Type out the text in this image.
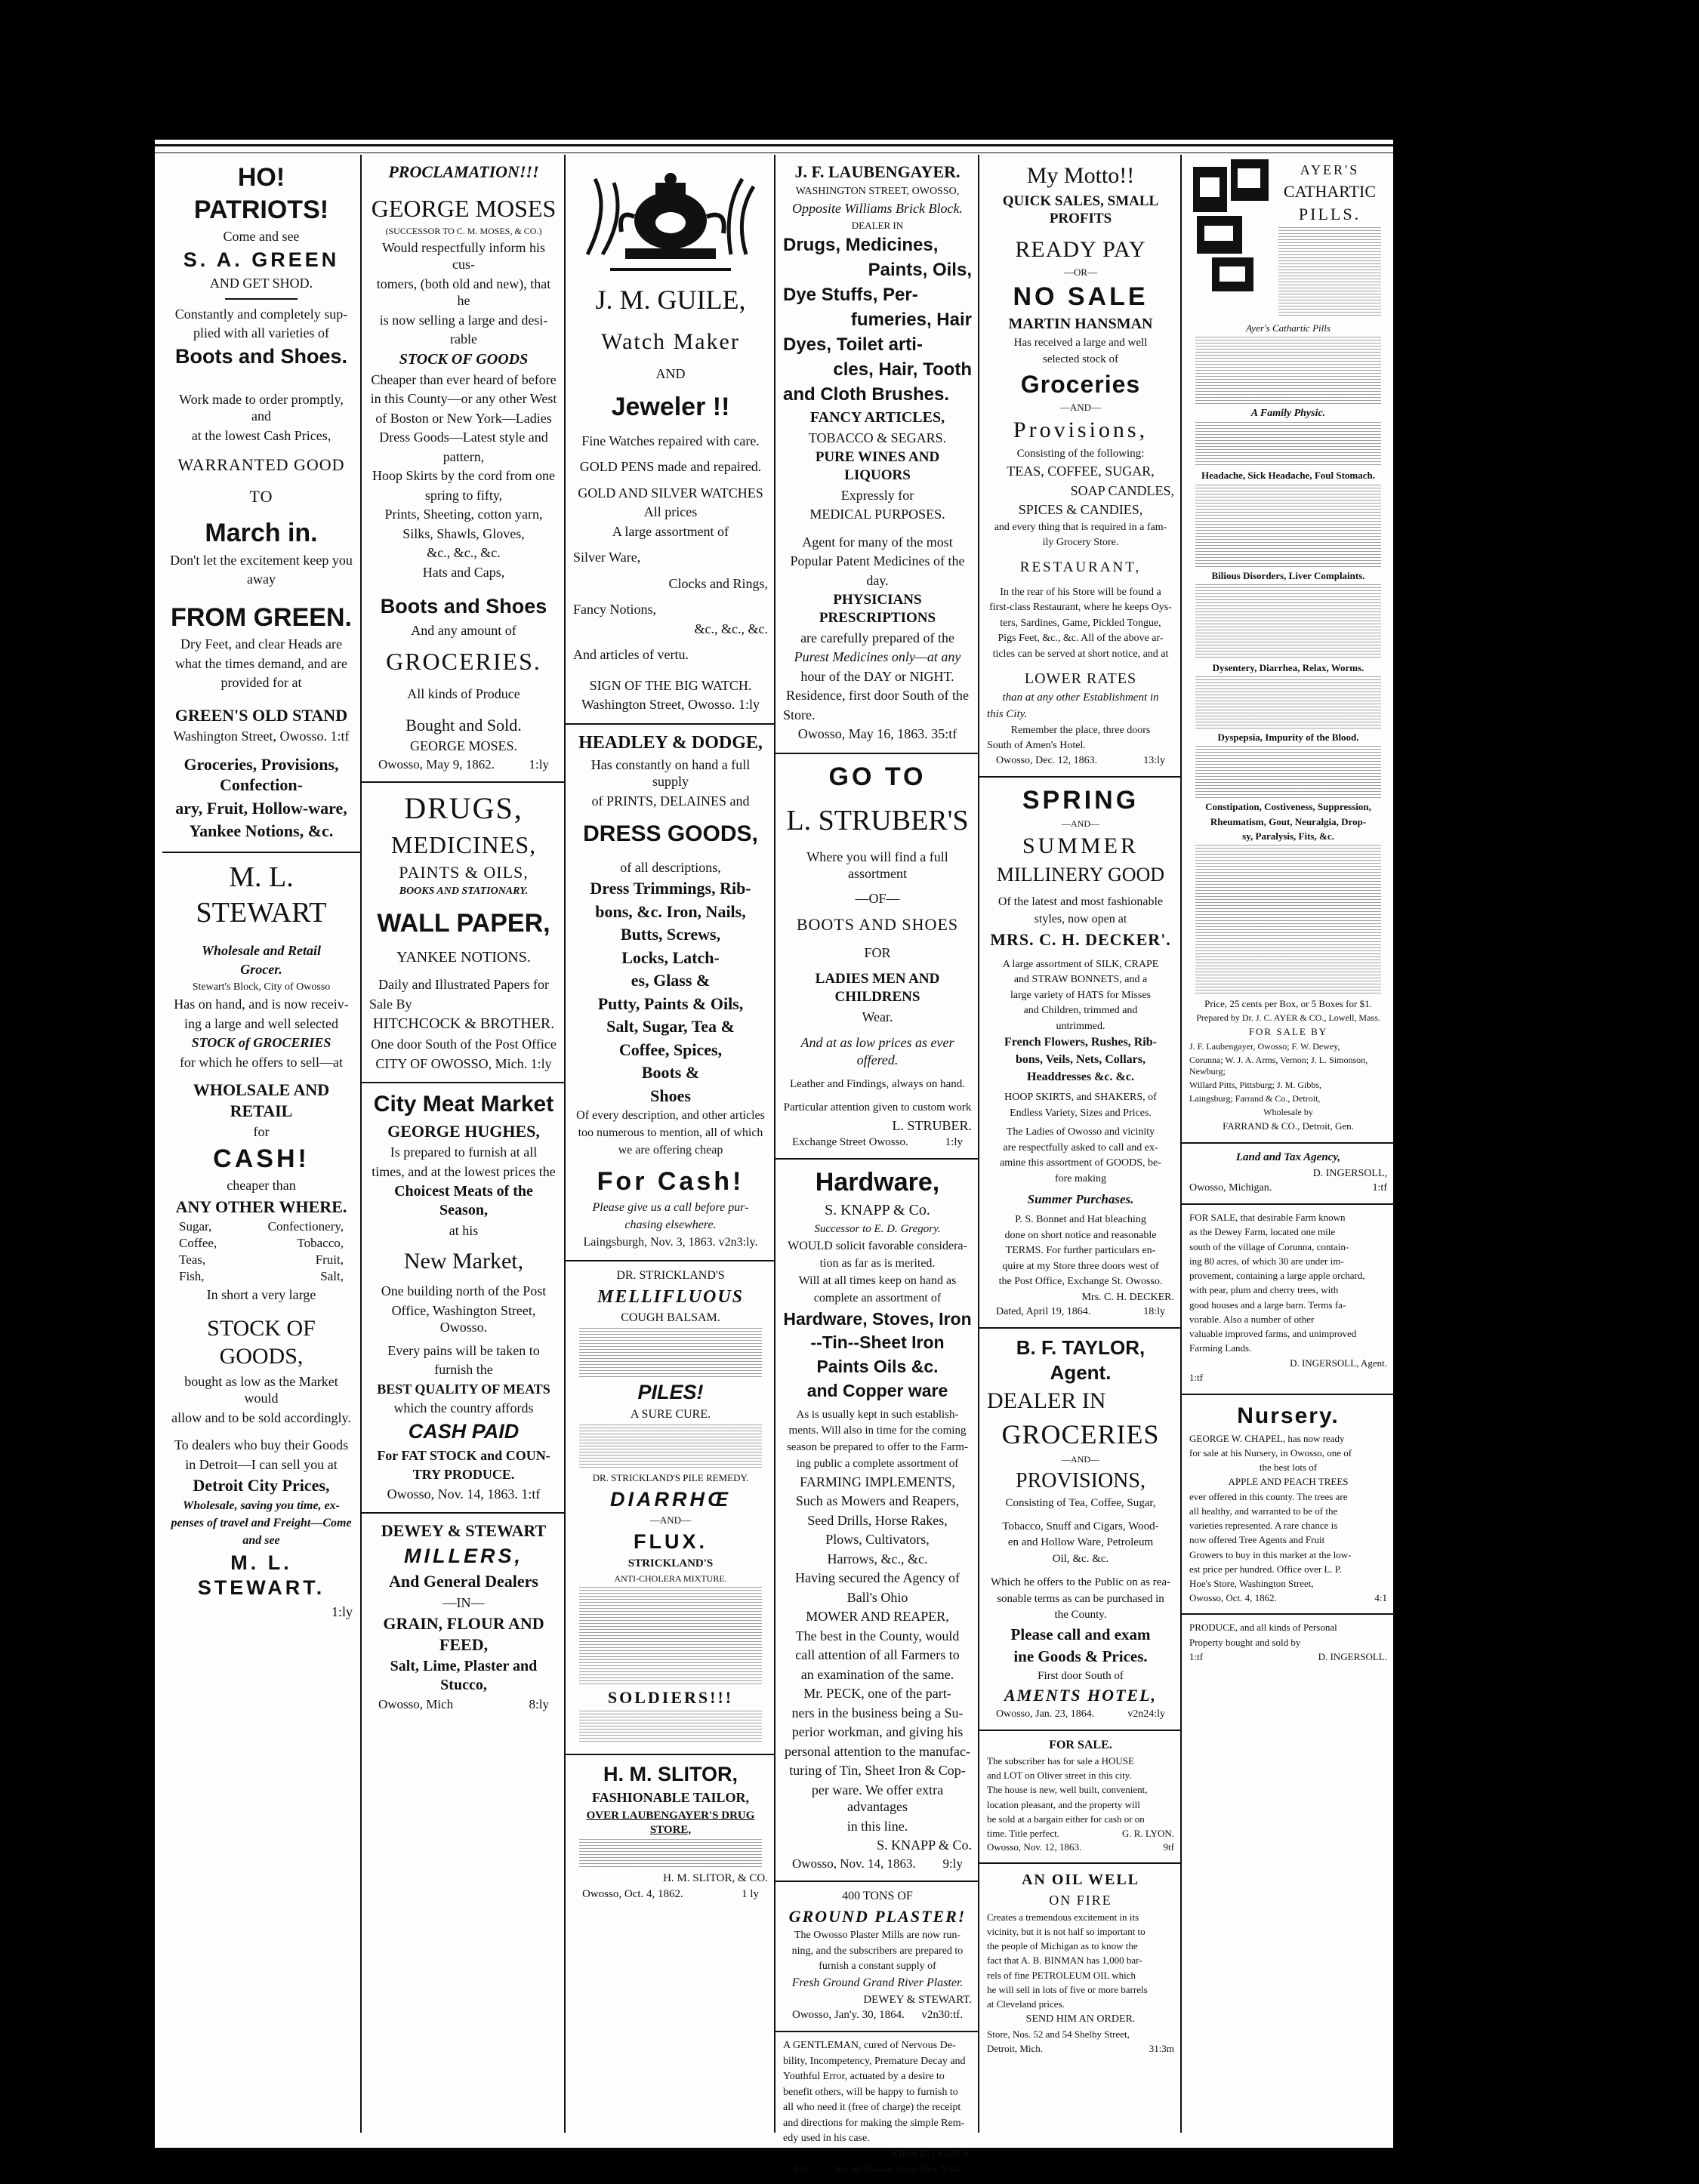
HO! PATRIOTS!
Come and see
S. A. GREEN
AND GET SHOD.
Constantly and completely sup-
plied with all varieties of
Boots and Shoes.
Work made to order promptly, and
at the lowest Cash Prices,
WARRANTED GOOD
TO
March in.
Don't let the excitement keep you
away
FROM GREEN.
Dry Feet, and clear Heads are
what the times demand, and are
provided for at
GREEN'S OLD STAND
Washington Street, Owosso. 1:tf
Groceries, Provisions, Confection-
ary, Fruit, Hollow-ware,
Yankee Notions, &c.
M. L. STEWART
Wholesale and Retail
Grocer.
Stewart's Block, City of Owosso
Has on hand, and is now receiv-
ing a large and well selected
STOCK of GROCERIES
for which he offers to sell—at
WHOLSALE AND RETAIL
for
CASH!
cheaper than
ANY OTHER WHERE.
Sugar,	Confectionery,
Coffee,	Tobacco,
Teas,	Fruit,
Fish,	Salt,
In short a very large
STOCK OF GOODS,
bought as low as the Market would
allow and to be sold accordingly.
To dealers who buy their Goods
in Detroit—I can sell you at
Detroit City Prices,
Wholesale, saving you time, ex-
penses of travel and Freight—Come
and see
M. L. STEWART.
1:ly
PROCLAMATION!!!
GEORGE MOSES
(SUCCESSOR TO C. M. MOSES, & CO.)
Would respectfully inform his cus-
tomers, (both old and new), that he
is now selling a large and desi-
rable
STOCK OF GOODS
Cheaper than ever heard of before
in this County—or any other West
of Boston or New York—Ladies
Dress Goods—Latest style and
pattern,
Hoop Skirts by the cord from one
spring to fifty,
Prints, Sheeting, cotton yarn,
Silks, Shawls, Gloves,
&c., &c., &c.
Hats and Caps,
Boots and Shoes
And any amount of
GROCERIES.
All kinds of Produce
Bought and Sold.
GEORGE MOSES.
Owosso, May 9, 1862.	1:ly
DRUGS,
MEDICINES,
PAINTS & OILS,
BOOKS AND STATIONARY.
WALL PAPER,
YANKEE NOTIONS.
Daily and Illustrated Papers for
Sale By
HITCHCOCK & BROTHER.
One door South of the Post Office
CITY OF OWOSSO, Mich. 1:ly
City Meat Market
GEORGE HUGHES,
Is prepared to furnish at all
times, and at the lowest prices the
Choicest Meats of the Season,
at his
New Market,
One building north of the Post
Office, Washington Street, Owosso.
Every pains will be taken to
furnish the
BEST QUALITY OF MEATS
which the country affords
CASH PAID
For FAT STOCK and COUN-
TRY PRODUCE.
Owosso, Nov. 14, 1863. 1:tf
DEWEY & STEWART
MILLERS,
And General Dealers
—IN—
GRAIN, FLOUR AND FEED,
Salt, Lime, Plaster and Stucco,
Owosso, Mich	8:ly
J. M. GUILE,
Watch Maker
AND
Jeweler !!
Fine Watches repaired with care.
GOLD PENS made and repaired.
GOLD AND SILVER WATCHES
All prices
A large assortment of
Silver Ware,
Clocks and Rings,
Fancy Notions,
&c., &c., &c.
And articles of vertu.
SIGN OF THE BIG WATCH.
Washington Street, Owosso. 1:ly
HEADLEY & DODGE,
Has constantly on hand a full supply
of PRINTS, DELAINES and
DRESS GOODS,
of all descriptions,
Dress Trimmings, Rib-
bons, &c. Iron, Nails,
Butts, Screws,
Locks, Latch-
es, Glass &
Putty, Paints & Oils,
Salt, Sugar, Tea &
Coffee, Spices,
Boots &
Shoes
Of every description, and other articles
too numerous to mention, all of which
we are offering cheap
For Cash!
Please give us a call before pur-
chasing elsewhere.
Laingsburgh, Nov. 3, 1863. v2n3:ly.
DR. STRICKLAND'S
MELLIFLUOUS
COUGH BALSAM.
PILES!
A SURE CURE.
DR. STRICKLAND'S PILE REMEDY.
DIARRHŒ
—AND—
FLUX.
STRICKLAND'S
ANTI-CHOLERA MIXTURE.
SOLDIERS!!!
H. M. SLITOR,
FASHIONABLE TAILOR,
OVER LAUBENGAYER'S DRUG STORE,
H. M. SLITOR, & CO.
Owosso, Oct. 4, 1862.	1 ly
J. F. LAUBENGAYER.
WASHINGTON STREET, OWOSSO,
Opposite Williams Brick Block.
DEALER IN
Drugs, Medicines,
Paints, Oils,
Dye Stuffs, Per-
fumeries, Hair
Dyes, Toilet arti-
cles, Hair, Tooth
and Cloth Brushes.
FANCY ARTICLES,
TOBACCO & SEGARS.
PURE WINES AND LIQUORS
Expressly for
MEDICAL PURPOSES.
Agent for many of the most
Popular Patent Medicines of the
day.
PHYSICIANS PRESCRIPTIONS
are carefully prepared of the
Purest Medicines only—at any
hour of the DAY or NIGHT.
Residence, first door South of the
Store.
Owosso, May 16, 1863. 35:tf
GO TO
L. STRUBER'S
Where you will find a full assortment
—OF—
BOOTS AND SHOES
FOR
LADIES MEN AND CHILDRENS
Wear.
And at as low prices as ever offered.
Leather and Findings, always on hand.
Particular attention given to custom work
L. STRUBER.
Exchange Street Owosso.	1:ly
Hardware,
S. KNAPP & Co.
Successor to E. D. Gregory.
WOULD solicit favorable considera-
tion as far as is merited.
Will at all times keep on hand as
complete an assortment of
Hardware, Stoves, Iron
--Tin--Sheet Iron
Paints Oils &c.
and Copper ware
As is usually kept in such establish-
ments. Will also in time for the coming
season be prepared to offer to the Farm-
ing public a complete assortment of
FARMING IMPLEMENTS,
Such as Mowers and Reapers,
Seed Drills, Horse Rakes,
Plows, Cultivators,
Harrows, &c., &c.
Having secured the Agency of
Ball's Ohio
MOWER AND REAPER,
The best in the County, would
call attention of all Farmers to
an examination of the same.
Mr. PECK, one of the part-
ners in the business being a Su-
perior workman, and giving his
personal attention to the manufac-
turing of Tin, Sheet Iron & Cop-
per ware. We offer extra advantages
in this line.
S. KNAPP & Co.
Owosso, Nov. 14, 1863. 9:ly
400 TONS OF
GROUND PLASTER!
The Owosso Plaster Mills are now run-
ning, and the subscribers are prepared to
furnish a constant supply of
Fresh Ground Grand River Plaster.
DEWEY & STEWART.
Owosso, Jan'y. 30, 1864. v2n30:tf.
A GENTLEMAN, cured of Nervous De-
bility, Incompetency, Premature Decay and
Youthful Error, actuated by a desire to
benefit others, will be happy to furnish to
all who need it (free of charge) the receipt
and directions for making the simple Rem-
edy used in his case.
JOHN B. OGDEN,
4:ly	No. 60 Nassau Street New York.
My Motto!!
QUICK SALES, SMALL PROFITS
READY PAY
—OR—
NO SALE
MARTIN HANSMAN
Has received a large and well
selected stock of
Groceries
—AND—
Provisions,
Consisting of the following:
TEAS, COFFEE, SUGAR,
SOAP CANDLES,
SPICES & CANDIES,
and every thing that is required in a fam-
ily Grocery Store.
RESTAURANT,
In the rear of his Store will be found a
first-class Restaurant, where he keeps Oys-
ters, Sardines, Game, Pickled Tongue,
Pigs Feet, &c., &c. All of the above ar-
ticles can be served at short notice, and at
LOWER RATES
than at any other Establishment in
this City.
Remember the place, three doors
South of Amen's Hotel.
Owosso, Dec. 12, 1863.	13:ly
SPRING
—AND—
SUMMER
MILLINERY GOOD
Of the latest and most fashionable
styles, now open at
MRS. C. H. DECKER'.
A large assortment of SILK, CRAPE
and STRAW BONNETS, and a
large variety of HATS for Misses
and Children, trimmed and
untrimmed.
French Flowers, Rushes, Rib-
bons, Veils, Nets, Collars,
Headdresses &c. &c.
HOOP SKIRTS, and SHAKERS, of
Endless Variety, Sizes and Prices.
The Ladies of Owosso and vicinity
are respectfully asked to call and ex-
amine this assortment of GOODS, be-
fore making
Summer Purchases.
P. S. Bonnet and Hat bleaching
done on short notice and reasonable
TERMS. For further particulars en-
quire at my Store three doors west of
the Post Office, Exchange St. Owosso.
Mrs. C. H. DECKER.
Dated, April 19, 1864.	18:ly
B. F. TAYLOR, Agent.
DEALER IN
GROCERIES
—AND—
PROVISIONS,
Consisting of Tea, Coffee, Sugar,
Tobacco, Snuff and Cigars, Wood-
en and Hollow Ware, Petroleum
Oil, &c. &c.
Which he offers to the Public on as rea-
sonable terms as can be purchased in
the County.
Please call and exam
ine Goods & Prices.
First door South of
AMENTS HOTEL,
Owosso, Jan. 23, 1864.	v2n24:ly
FOR SALE.
The subscriber has for sale a HOUSE
and LOT on Oliver street in this city.
The house is new, well built, convenient,
location pleasant, and the property will
be sold at a bargain either for cash or on
time. Title perfect.	G. R. LYON.
Owosso, Nov. 12, 1863.	9tf
AN OIL WELL
ON FIRE
Creates a tremendous excitement in its
vicinity, but it is not half so important to
the people of Michigan as to know the
fact that A. B. BINMAN has 1,000 bar-
rels of fine PETROLEUM OIL which
he will sell in lots of five or more barrels
at Cleveland prices.
SEND HIM AN ORDER.
Store, Nos. 52 and 54 Shelby Street,
Detroit, Mich.	31:3m
AYER'S
CATHARTIC
PILLS.
Ayer's Cathartic Pills
A Family Physic.
Headache, Sick Headache, Foul Stomach.
Bilious Disorders, Liver Complaints.
Dysentery, Diarrhea, Relax, Worms.
Dyspepsia, Impurity of the Blood.
Constipation, Costiveness, Suppression,
Rheumatism, Gout, Neuralgia, Drop-
sy, Paralysis, Fits, &c.
Price, 25 cents per Box, or 5 Boxes for $1.
Prepared by Dr. J. C. AYER & CO., Lowell, Mass.
FOR SALE BY
J. F. Laubengayer, Owosso; F. W. Dewey,
Corunna; W. J. A. Arms, Vernon; J. L. Simonson, Newburg;
Willard Pitts, Pittsburg; J. M. Gibbs,
Laingsburg; Farrand & Co., Detroit,
Wholesale by
FARRAND & CO., Detroit, Gen.
Land and Tax Agency,
D. INGERSOLL,
Owosso, Michigan.	1:tf
FOR SALE, that desirable Farm known
as the Dewey Farm, located one mile
south of the village of Corunna, contain-
ing 80 acres, of which 30 are under im-
provement, containing a large apple orchard,
with pear, plum and cherry trees, with
good houses and a large barn. Terms fa-
vorable. Also a number of other
valuable improved farms, and unimproved
Farming Lands.
D. INGERSOLL, Agent.
1:tf
Nursery.
GEORGE W. CHAPEL, has now ready
for sale at his Nursery, in Owosso, one of
the best lots of
APPLE AND PEACH TREES
ever offered in this county. The trees are
all healthy, and warranted to be of the
varieties represented. A rare chance is
now offered Tree Agents and Fruit
Growers to buy in this market at the low-
est price per hundred. Office over L. P.
Hoe's Store, Washington Street,
Owosso, Oct. 4, 1862.	4:1
PRODUCE, and all kinds of Personal
Property bought and sold by
1:tf	D. INGERSOLL.
